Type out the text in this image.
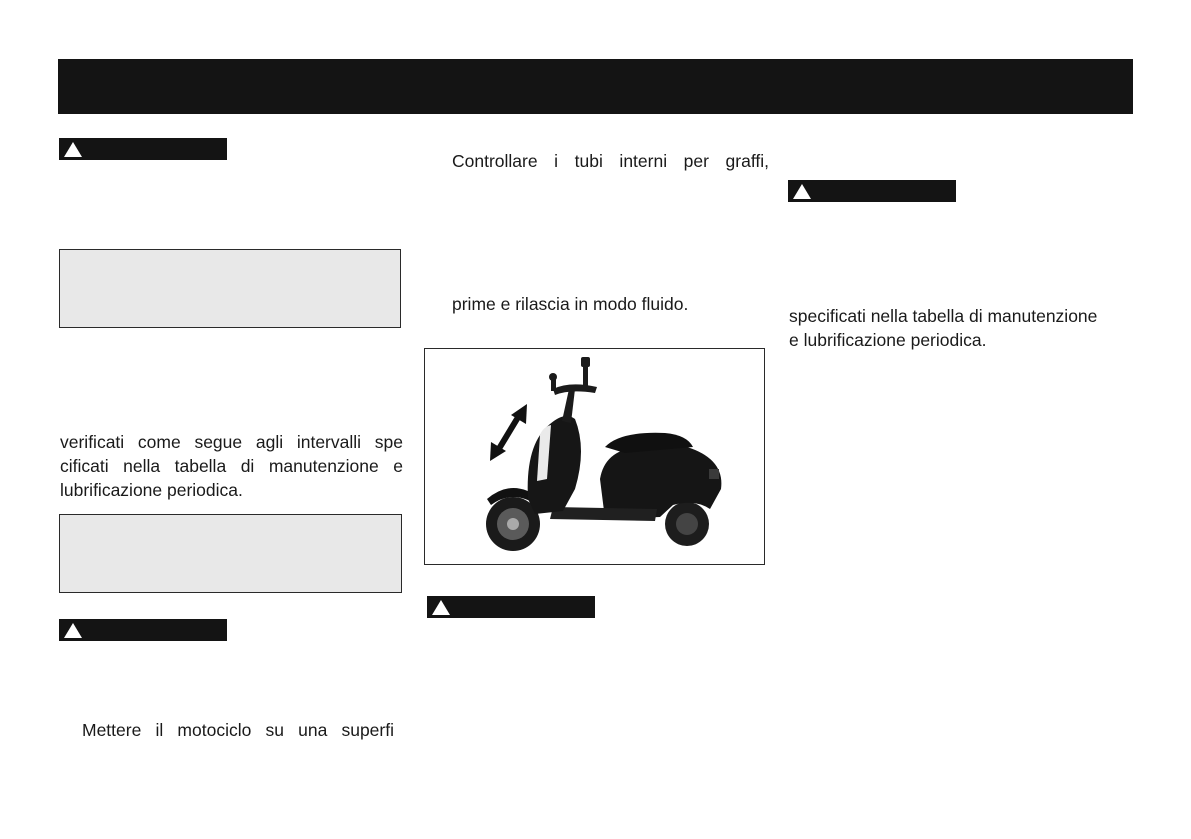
verificati come segue agli intervalli spe
cificati nella tabella di manutenzione e
lubrificazione periodica.
Mettere il motociclo su una superfi
Controllare i tubi interni per graffi,
prime e rilascia in modo fluido.
specificati nella tabella di manutenzione
e lubrificazione periodica.
